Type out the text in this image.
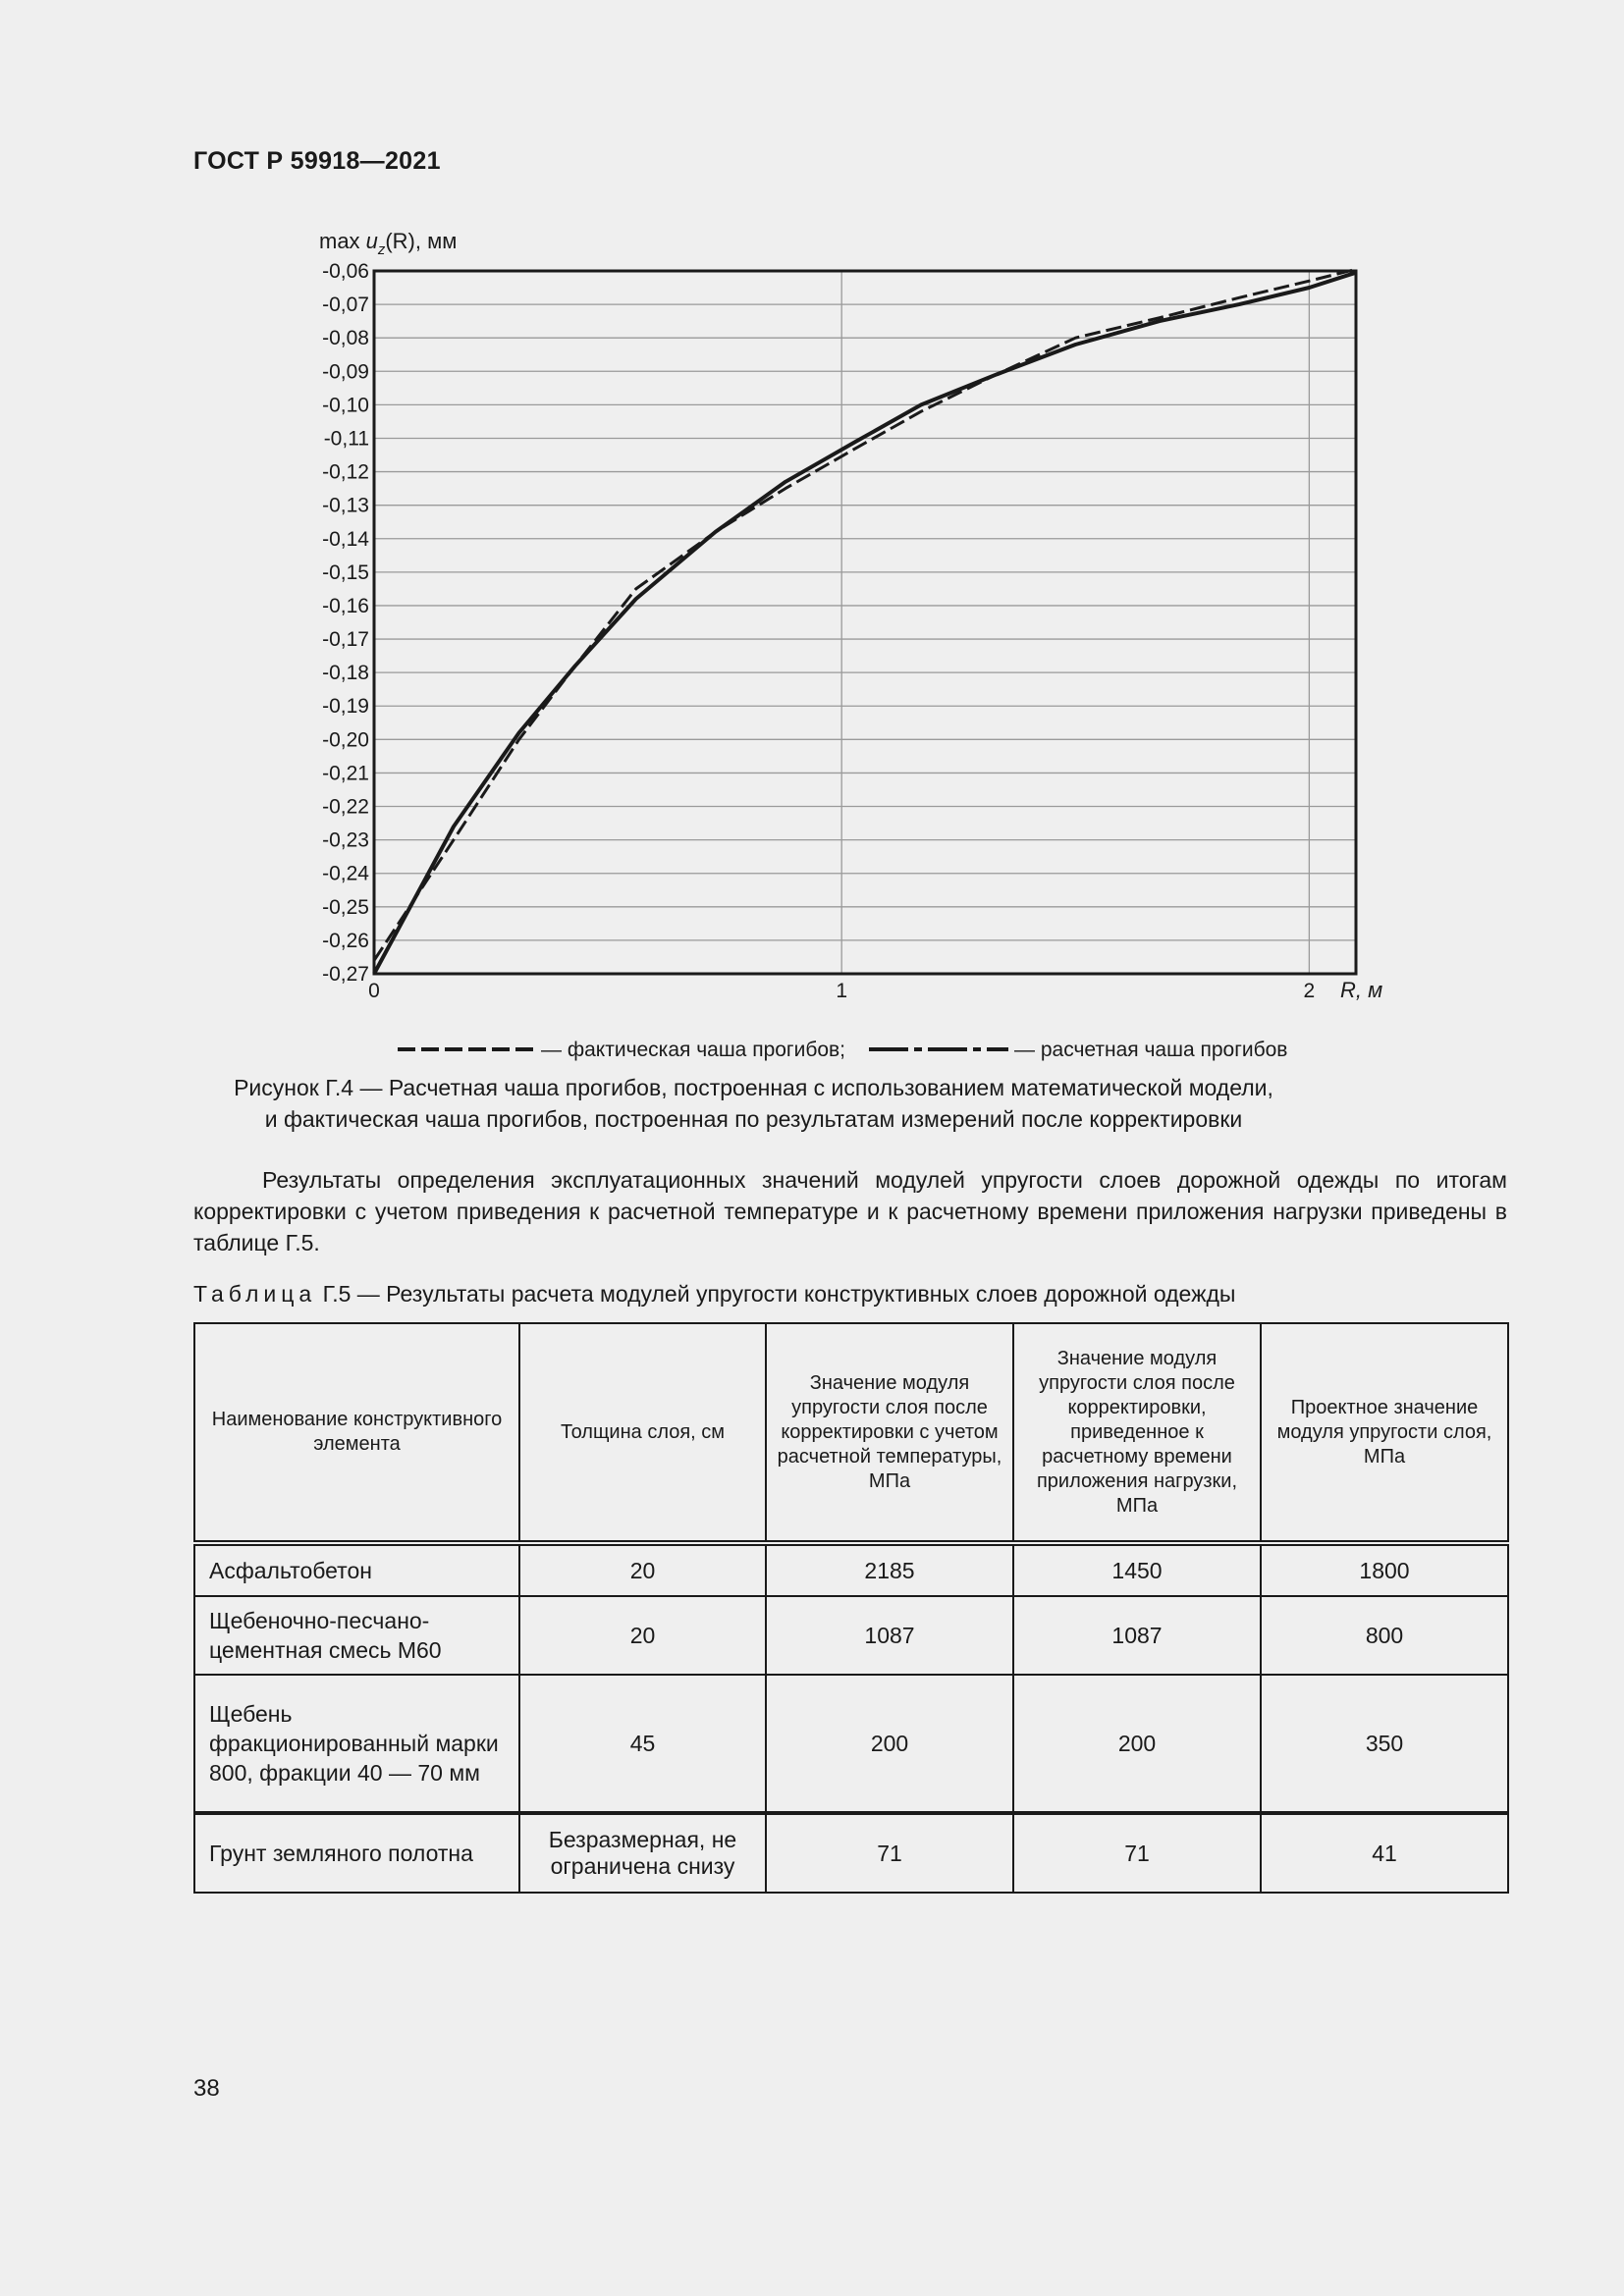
ГОСТ Р 59918—2021
-0,06
-0,07
-0,08
-0,09
-0,10
-0,11
-0,12
-0,13
-0,14
-0,15
-0,16
-0,17
-0,18
-0,19
-0,20
-0,21
-0,22
-0,23
-0,24
-0,25
-0,26
-0,27
0	1	2
$\max u_z(R)$, мм
R, м
— фактическая чаша прогибов;	— расчетная чаша прогибов
Рисунок Г.4 — Расчетная чаша прогибов, построенная с использованием математической модели,
и фактическая чаша прогибов, построенная по результатам измерений после корректировки

Результаты определения эксплуатационных значений модулей упругости слоев дорожной одежды по итогам корректировки с учетом приведения к расчетной температуре и к расчетному времени приложения нагрузки приведены в таблице Г.5.

Таблица Г.5 — Результаты расчета модулей упругости конструктивных слоев дорожной одежды
Наименование конструктивного элемента	Толщина слоя, см	Значение модуля упругости слоя после корректировки с учетом расчетной температуры, МПа	Значение модуля упругости слоя после корректировки, приведенное к расчетному времени приложения нагрузки, МПа	Проектное значение модуля упругости слоя, МПа
Асфальтобетон	20	2185	1450	1800
Щебеночно-песчано-цементная смесь М60	20	1087	1087	800
Щебень фракционированный марки 800, фракции 40 — 70 мм	45	200	200	350
Грунт земляного полотна	Безразмерная, не ограничена снизу	71	71	41
38
